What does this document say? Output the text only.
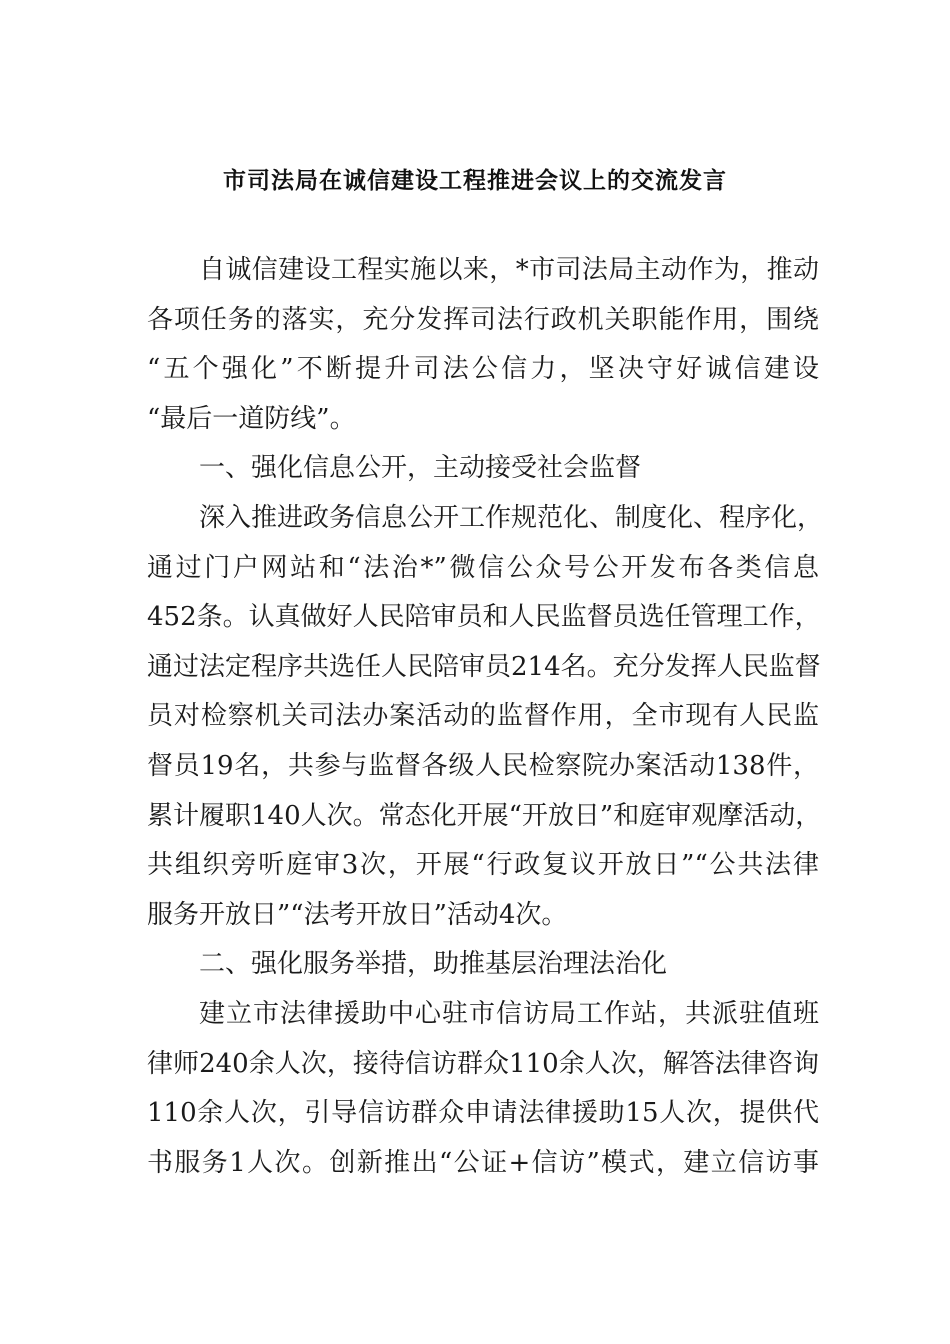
市司法局在诚信建设工程推进会议上的交流发言
自诚信建设工程实施以来，*市司法局主动作为，推动
各项任务的落实，充分发挥司法行政机关职能作用，围绕
“五个强化”不断提升司法公信力，坚决守好诚信建设
“最后一道防线”。
一、强化信息公开，主动接受社会监督
深入推进政务信息公开工作规范化、制度化、程序化，
通过门户网站和“法治*”微信公众号公开发布各类信息
452条。认真做好人民陪审员和人民监督员选任管理工作，
通过法定程序共选任人民陪审员214名。充分发挥人民监督
员对检察机关司法办案活动的监督作用，全市现有人民监
督员19名，共参与监督各级人民检察院办案活动138件，
累计履职140人次。常态化开展“开放日”和庭审观摩活动，
共组织旁听庭审3次，开展“行政复议开放日”“公共法律
服务开放日”“法考开放日”活动4次。
二、强化服务举措，助推基层治理法治化
建立市法律援助中心驻市信访局工作站，共派驻值班
律师240余人次，接待信访群众110余人次，解答法律咨询
110余人次，引导信访群众申请法律援助15人次，提供代
书服务1人次。创新推出“公证+信访”模式，建立信访事
